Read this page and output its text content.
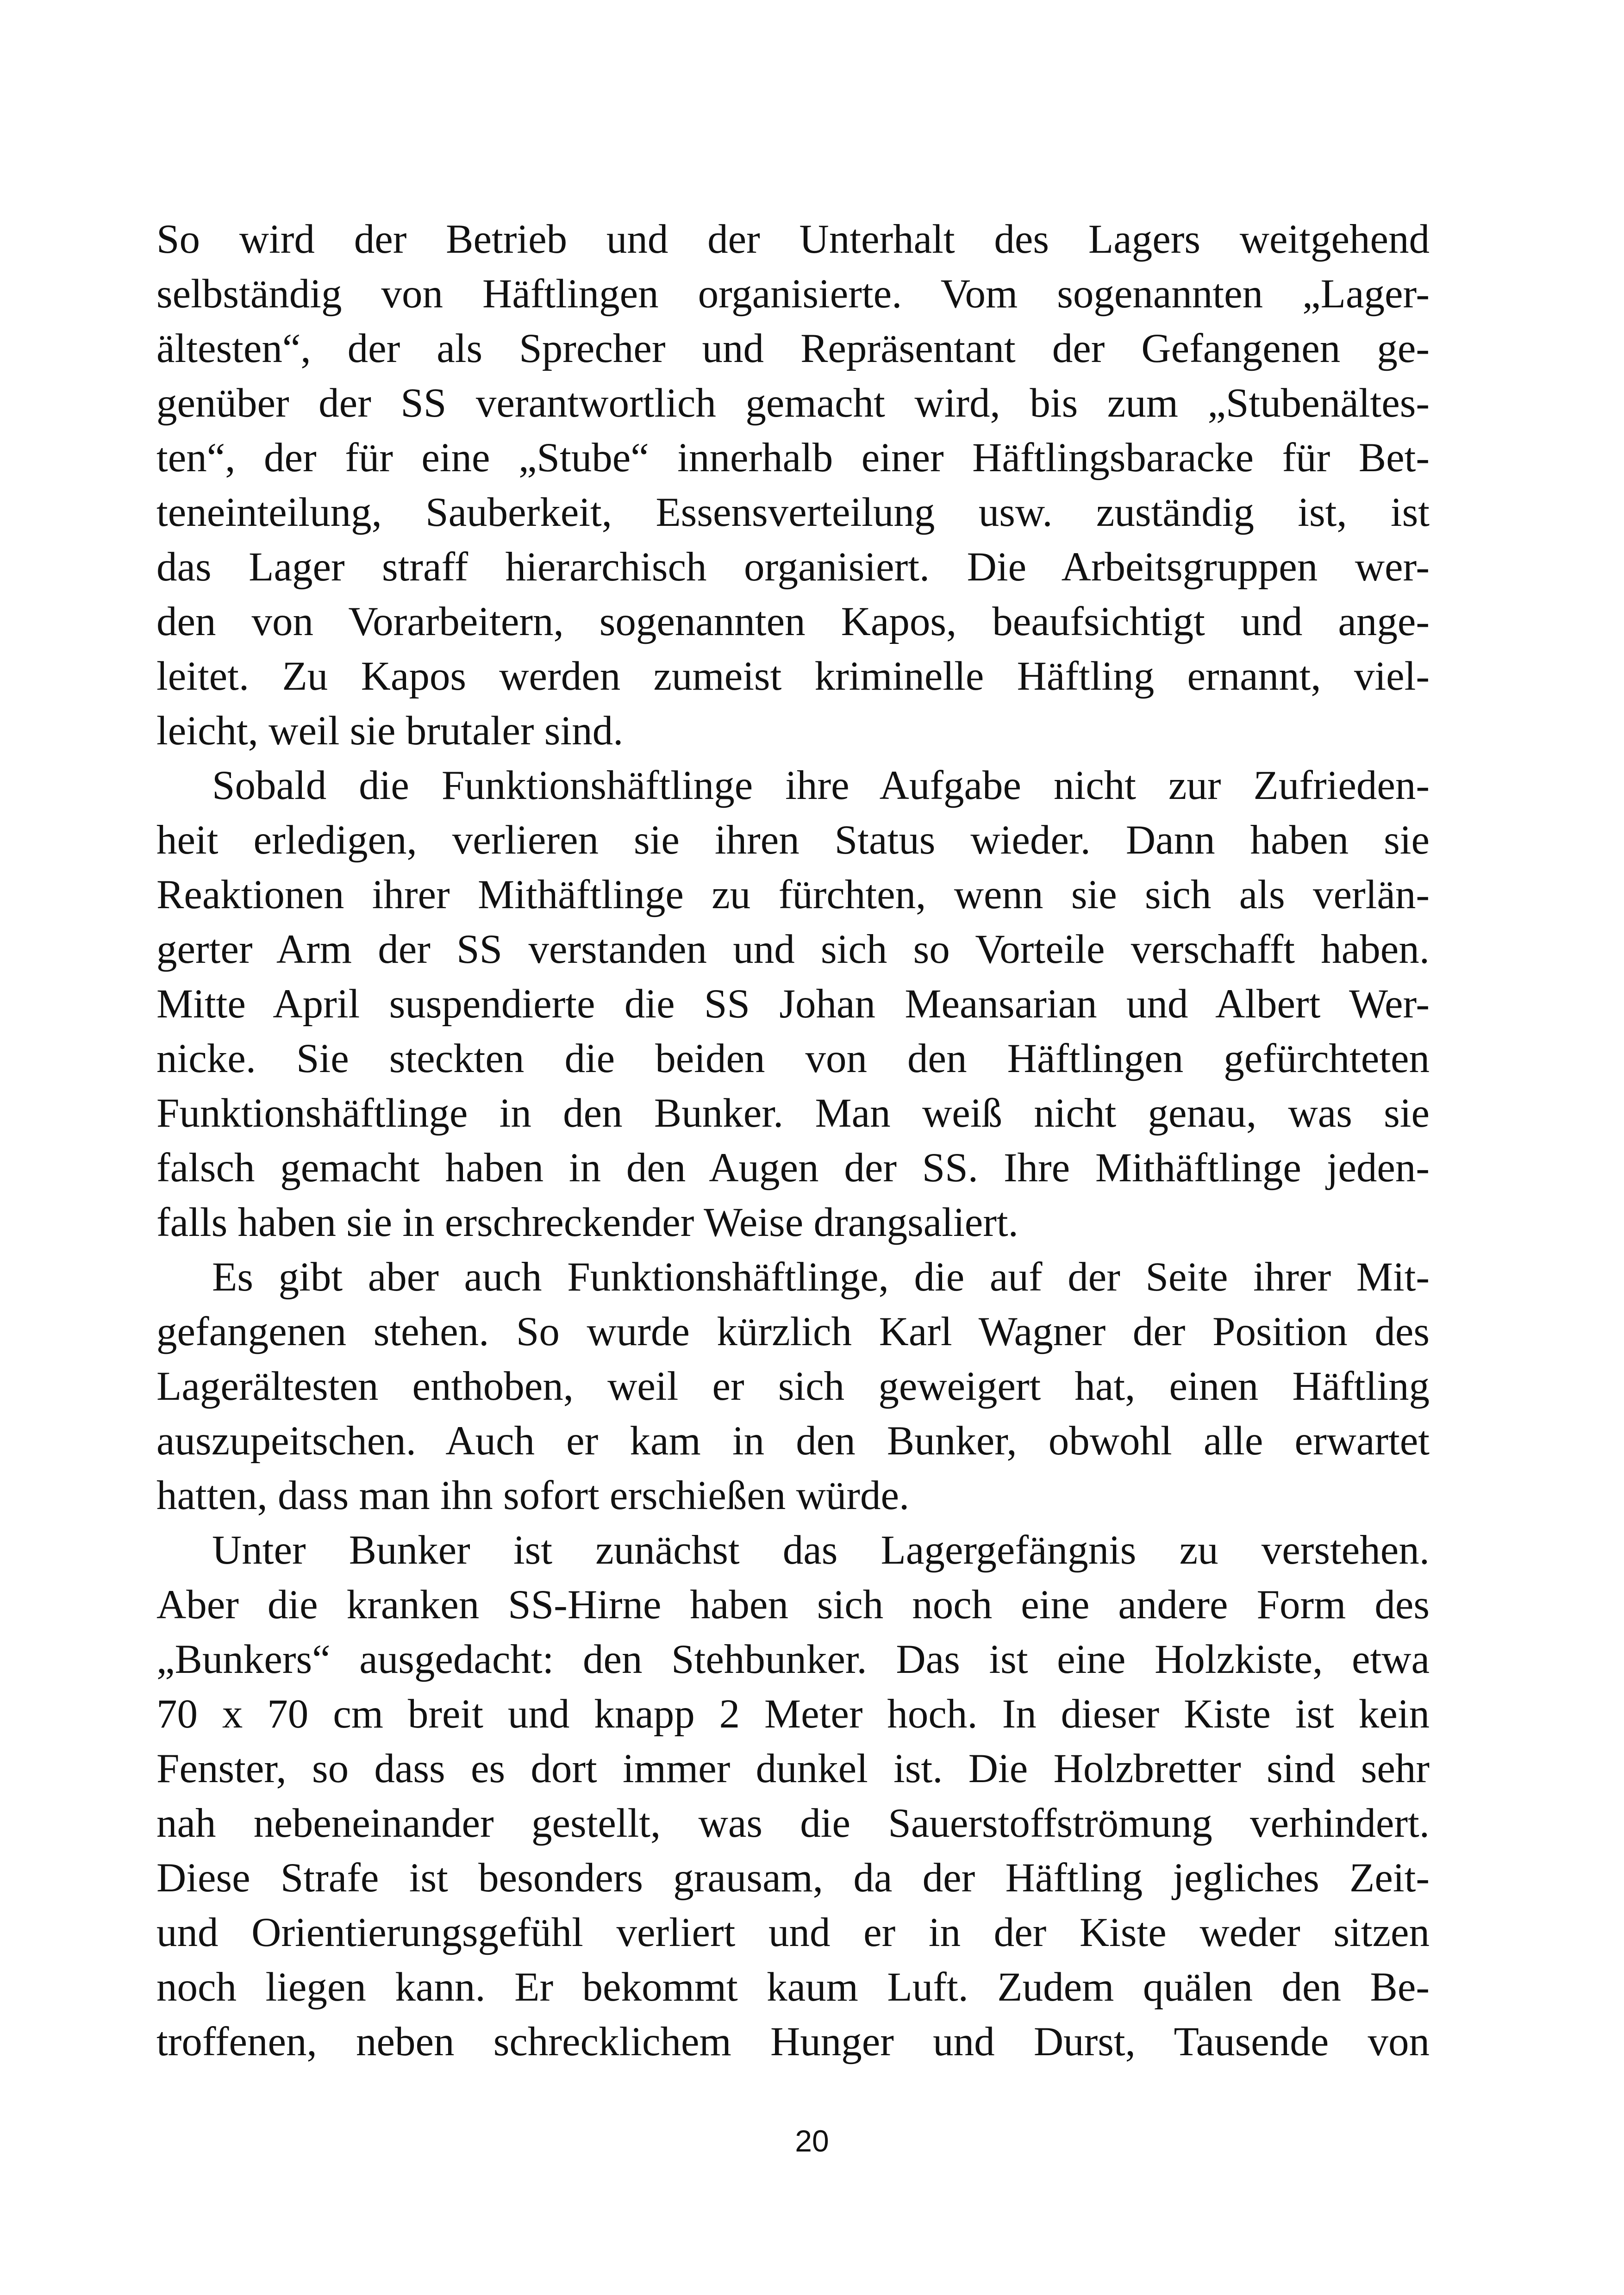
So wird der Betrieb und der Unterhalt des Lagers weitgehend
selbständig von Häftlingen organisierte. Vom sogenannten „Lager-
ältesten“, der als Sprecher und Repräsentant der Gefangenen ge-
genüber der SS verantwortlich gemacht wird, bis zum „Stubenältes-
ten“, der für eine „Stube“ innerhalb einer Häftlingsbaracke für Bet-
teneinteilung, Sauberkeit, Essensverteilung usw. zuständig ist, ist
das Lager straff hierarchisch organisiert. Die Arbeitsgruppen wer-
den von Vorarbeitern, sogenannten Kapos, beaufsichtigt und ange-
leitet. Zu Kapos werden zumeist kriminelle Häftling ernannt, viel-
leicht, weil sie brutaler sind.
Sobald die Funktionshäftlinge ihre Aufgabe nicht zur Zufrieden-
heit erledigen, verlieren sie ihren Status wieder. Dann haben sie
Reaktionen ihrer Mithäftlinge zu fürchten, wenn sie sich als verlän-
gerter Arm der SS verstanden und sich so Vorteile verschafft haben.
Mitte April suspendierte die SS Johan Meansarian und Albert Wer-
nicke. Sie steckten die beiden von den Häftlingen gefürchteten
Funktionshäftlinge in den Bunker. Man weiß nicht genau, was sie
falsch gemacht haben in den Augen der SS. Ihre Mithäftlinge jeden-
falls haben sie in erschreckender Weise drangsaliert.
Es gibt aber auch Funktionshäftlinge, die auf der Seite ihrer Mit-
gefangenen stehen. So wurde kürzlich Karl Wagner der Position des
Lagerältesten enthoben, weil er sich geweigert hat, einen Häftling
auszupeitschen. Auch er kam in den Bunker, obwohl alle erwartet
hatten, dass man ihn sofort erschießen würde.
Unter Bunker ist zunächst das Lagergefängnis zu verstehen.
Aber die kranken SS-Hirne haben sich noch eine andere Form des
„Bunkers“ ausgedacht: den Stehbunker. Das ist eine Holzkiste, etwa
70 x 70 cm breit und knapp 2 Meter hoch. In dieser Kiste ist kein
Fenster, so dass es dort immer dunkel ist. Die Holzbretter sind sehr
nah nebeneinander gestellt, was die Sauerstoffströmung verhindert.
Diese Strafe ist besonders grausam, da der Häftling jegliches Zeit-
und Orientierungsgefühl verliert und er in der Kiste weder sitzen
noch liegen kann. Er bekommt kaum Luft. Zudem quälen den Be-
troffenen, neben schrecklichem Hunger und Durst, Tausende von
20
